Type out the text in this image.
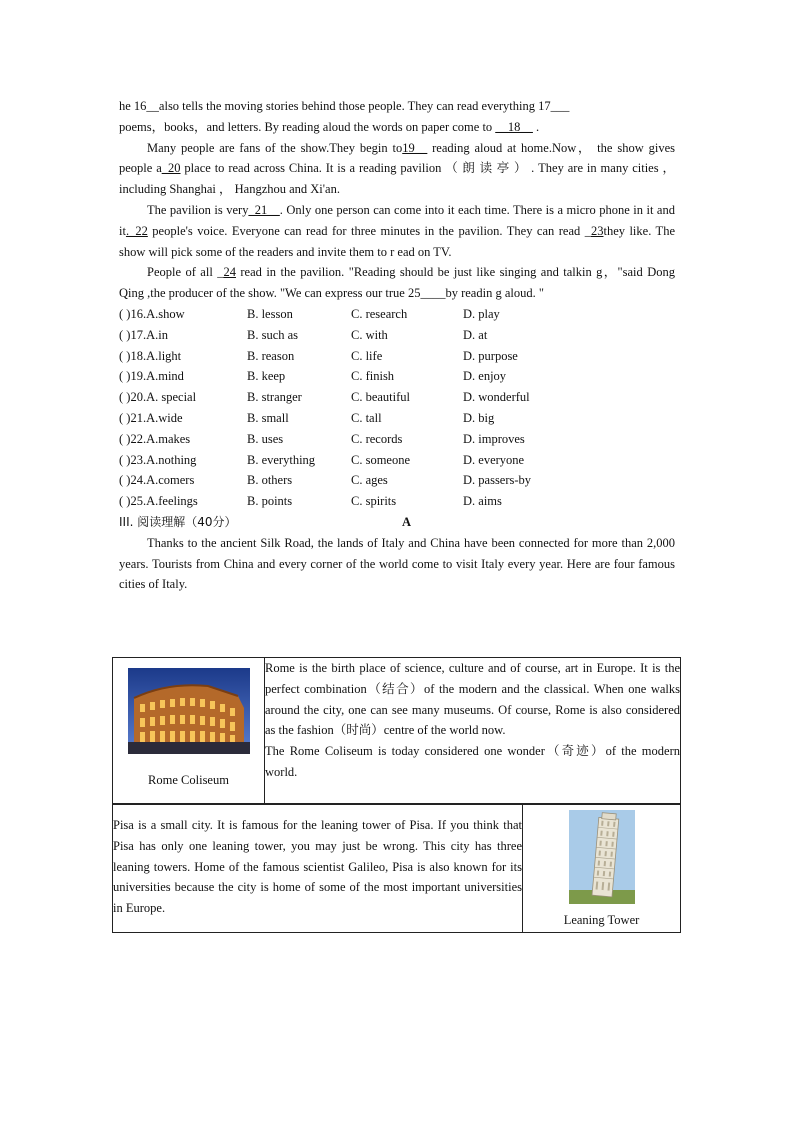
he 16__also tells the moving stories behind those people. They can read everything 17___
poems，books，and letters. By reading aloud the words on paper come to __18__ .

Many people are fans of the show.They begin to19__ reading aloud at home.Now， the show gives people a_20 place to read across China. It is a reading pavilion （ 朗 读 亭 ） . They are in many cities ， including Shanghai ， Hangzhou and Xi'an.

The pavilion is very_21__. Only one person can come into it each time. There is a micro phone in it and it._22 people's voice. Everyone can read for three minutes in the pavilion. They can read _23they like. The show will pick some of the readers and invite them to r ead on TV.

People of all _24 read in the pavilion. "Reading should be just like singing and talkin g，"said Dong Qing ,the producer of the show. "We can express our true 25____by readin g aloud. "

( )16.A.show	B. lesson	C. research	D. play
( )17.A.in	B. such as	C. with	D. at
( )18.A.light	B. reason	C. life	D. purpose
( )19.A.mind	B. keep	C. finish	D. enjoy
( )20.A. special	B. stranger	C. beautiful	D. wonderful
( )21.A.wide	B. small	C. tall	D. big
( )22.A.makes	B. uses	C. records	D. improves
( )23.A.nothing	B. everything	C. someone	D. everyone
( )24.A.comers	B. others	C. ages	D. passers-by
( )25.A.feelings	B. points	C. spirits	D. aims
III. 阅读理解（40分）	A

Thanks to the ancient Silk Road, the lands of Italy and China have been connected for more than 2,000 years. Tourists from China and every corner of the world come to visit Italy every year. Here are four famous cities of Italy.

Rome Coliseum
	Rome is the birth place of science, culture and of course, art in Europe. It is the perfect combination（结合）of the modern and the classical. When one walks around the city, one can see many museums. Of course, Rome is also considered as the fashion（时尚）centre of the world now.
The Rome Coliseum is today considered one wonder（奇迹）of the modern world.
Pisa is a small city. It is famous for the leaning tower of Pisa. If you think that Pisa has only one leaning tower, you may just be wrong. This city has three leaning towers. Home of the famous scientist Galileo, Pisa is also known for its universities because the city is home of some of the most important universities in Europe.	
Leaning Tower
